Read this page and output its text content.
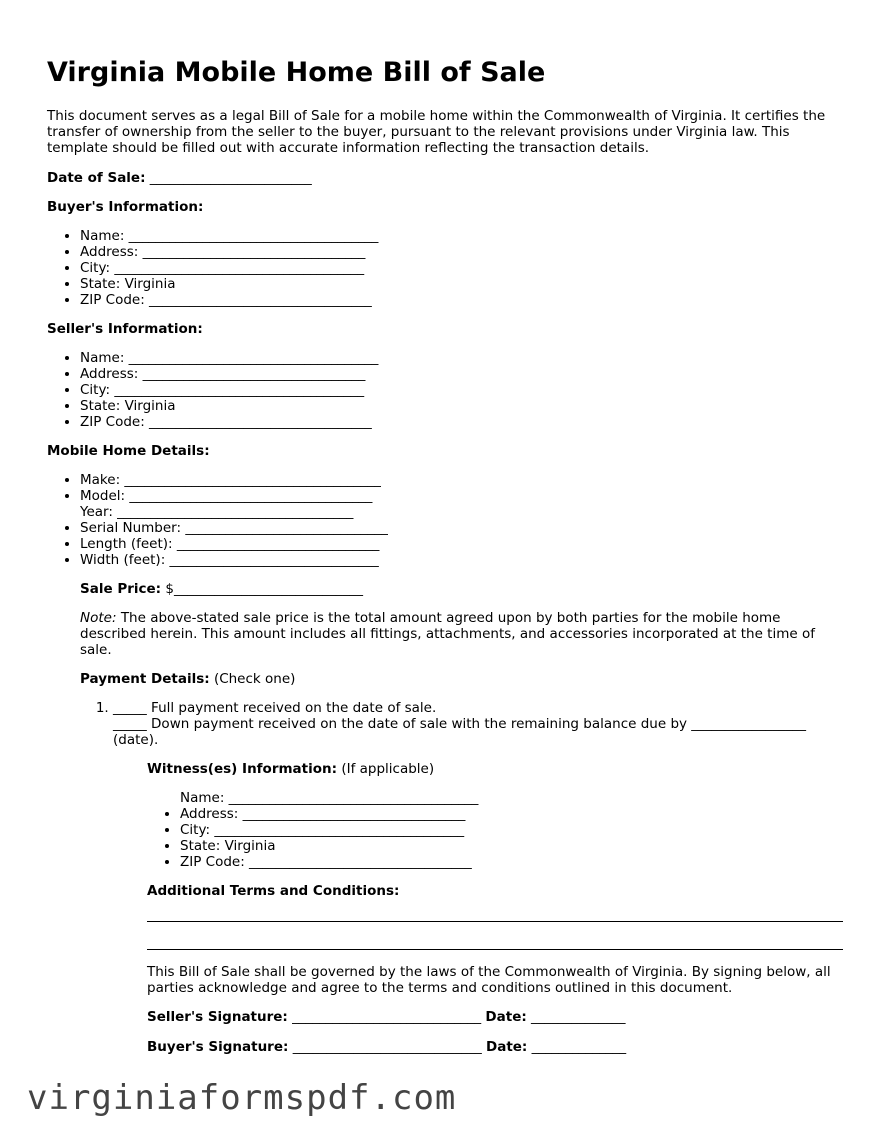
Virginia Mobile Home Bill of Sale

This document serves as a legal Bill of Sale for a mobile home within the Commonwealth of Virginia. It certifies the transfer of ownership from the seller to the buyer, pursuant to the relevant provisions under Virginia law. This template should be filled out with accurate information reflecting the transaction details.

Date of Sale: ________________________

Buyer's Information:

• Name: _____________________________________
• Address: _________________________________
• City: _____________________________________
• State: Virginia
• ZIP Code: _________________________________

Seller's Information:

• Name: _____________________________________
• Address: _________________________________
• City: _____________________________________
• State: Virginia
• ZIP Code: _________________________________

Mobile Home Details:

• Make: ______________________________________
• Model: ____________________________________
Year: ___________________________________
• Serial Number: ______________________________
• Length (feet): ______________________________
• Width (feet): _______________________________

Sale Price: $____________________________

Note: The above-stated sale price is the total amount agreed upon by both parties for the mobile home described herein. This amount includes all fittings, attachments, and accessories incorporated at the time of sale.

Payment Details: (Check one)

1. _____ Full payment received on the date of sale.
_____ Down payment received on the date of sale with the remaining balance due by _________________ (date).

Witness(es) Information: (If applicable)

Name: _____________________________________
• Address: _________________________________
• City: _____________________________________
• State: Virginia
• ZIP Code: _________________________________

Additional Terms and Conditions:

This Bill of Sale shall be governed by the laws of the Commonwealth of Virginia. By signing below, all parties acknowledge and agree to the terms and conditions outlined in this document.

Seller's Signature: ____________________________ Date: ______________

Buyer's Signature: ____________________________ Date: ______________

virginiaformspdf.com
